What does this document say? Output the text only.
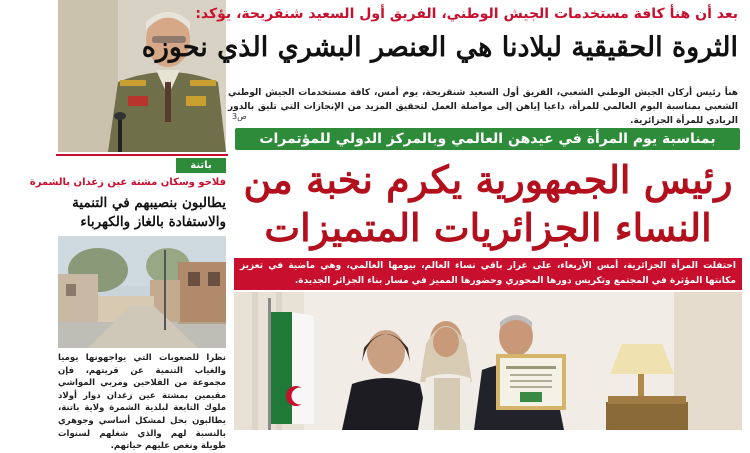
بعد أن هنأ كافة مستخدمات الجيش الوطني، الفريق أول السعيد شنقريحة، يؤكد:
الثروة الحقيقية لبلادنا هي العنصر البشري الذي نحوزه
هنأ رئيس أركان الجيش الوطني الشعبي، الفريق أول السعيد شنقريحة، يوم أمس، كافة مستخدمات الجيش الوطني الشعبي بمناسبة اليوم العالمي للمرأة، داعيا إياهن إلى مواصلة العمل لتحقيق المزيد من الإنجازات التي تليق بالدور الريادي للمرأة الجزائرية.
ص3
بمناسبة يوم المرأة في عيدهن العالمي وبالمركز الدولي للمؤتمرات
رئيس الجمهورية يكرم نخبة من
النساء الجزائريات المتميزات
احتفلت المرأة الجزائرية، أمس الأربعاء، على غرار باقي نساء العالم، بيومها العالمي، وهي ماضية في تعزيز مكانتها المؤثرة في المجتمع وتكريس دورها المحوري وحضورها المميز في مسار بناء الجزائر الجديدة.
باتنة
فلاحو وسكان مشتة عين زغدان بالشمرة
يطالبون بنصيبهم في التنمية والاستفادة بالغاز والكهرباء
نظرا للصعوبات التي يواجهونها يوميا والغياب التنمية عن قريتهم، فإن مجموعة من الفلاحين ومربي المواشي مقيمين بمشتة عين زغدان دوار أولاد ملوك التابعة لبلدية الشمرة ولاية باتنة، يطالبون بحل لمشكل أساسي وجوهري بالنسبة لهم والذي شغلهم لسنوات طويلة ونغص عليهم حياتهم.
